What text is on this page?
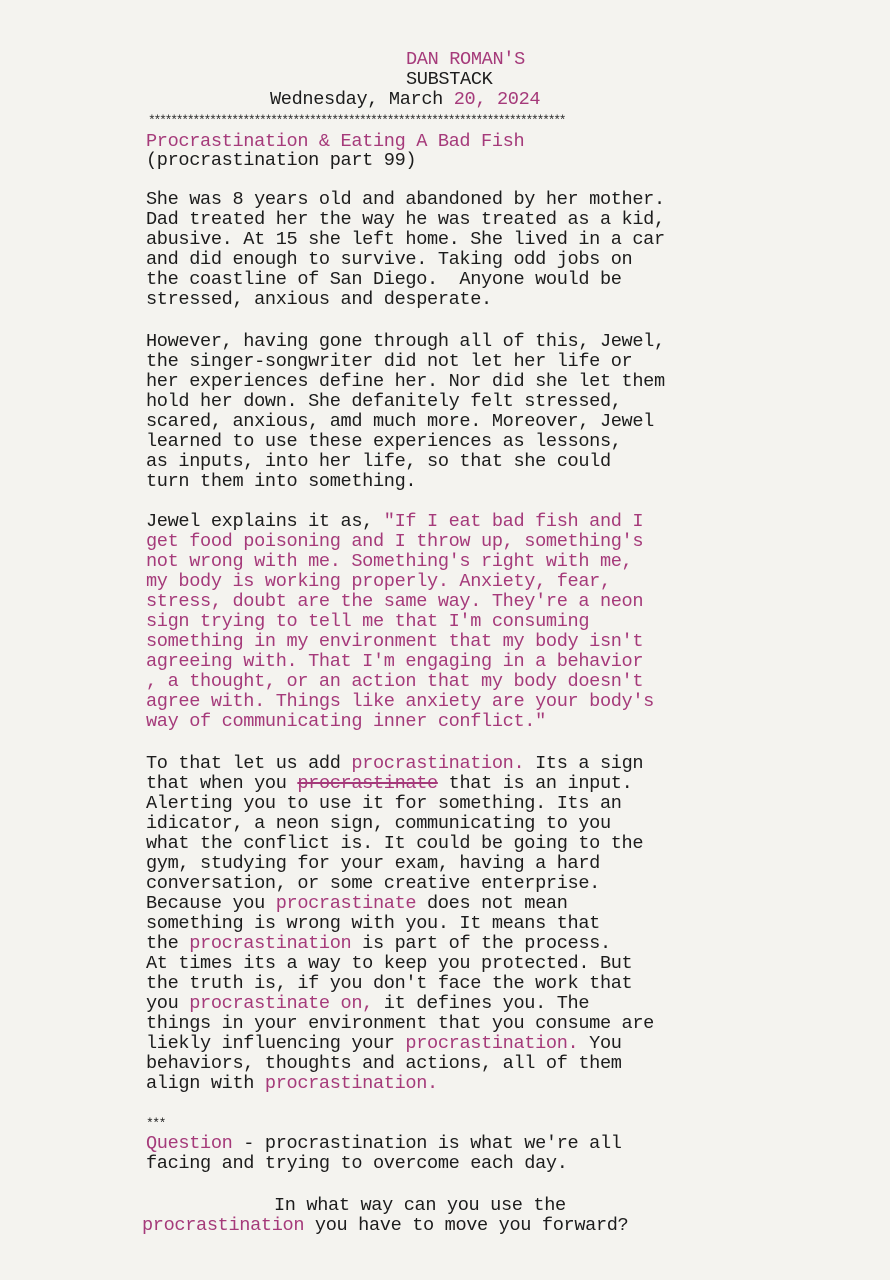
DAN ROMAN'S
SUBSTACK
Wednesday, March 20, 2024
***************************************************************************
Procrastination & Eating A Bad Fish
(procrastination part 99)
She was 8 years old and abandoned by her mother.
Dad treated her the way he was treated as a kid,
abusive. At 15 she left home. She lived in a car
and did enough to survive. Taking odd jobs on
the coastline of San Diego.  Anyone would be
stressed, anxious and desperate.
However, having gone through all of this, Jewel,
the singer-songwriter did not let her life or
her experiences define her. Nor did she let them
hold her down. She defanitely felt stressed,
scared, anxious, amd much more. Moreover, Jewel
learned to use these experiences as lessons,
as inputs, into her life, so that she could
turn them into something.
Jewel explains it as, "If I eat bad fish and I
get food poisoning and I throw up, something's
not wrong with me. Something's right with me,
my body is working properly. Anxiety, fear,
stress, doubt are the same way. They're a neon
sign trying to tell me that I'm consuming
something in my environment that my body isn't
agreeing with. That I'm engaging in a behavior
, a thought, or an action that my body doesn't
agree with. Things like anxiety are your body's
way of communicating inner conflict."
To that let us add procrastination. Its a sign
that when you procrastinate that is an input.
Alerting you to use it for something. Its an
idicator, a neon sign, communicating to you
what the conflict is. It could be going to the
gym, studying for your exam, having a hard
conversation, or some creative enterprise.
Because you procrastinate does not mean
something is wrong with you. It means that
the procrastination is part of the process.
At times its a way to keep you protected. But
the truth is, if you don't face the work that
you procrastinate on, it defines you. The
things in your environment that you consume are
liekly influencing your procrastination. You
behaviors, thoughts and actions, all of them
align with procrastination.
***
Question - procrastination is what we're all
facing and trying to overcome each day.
In what way can you use the
procrastination you have to move you forward?
